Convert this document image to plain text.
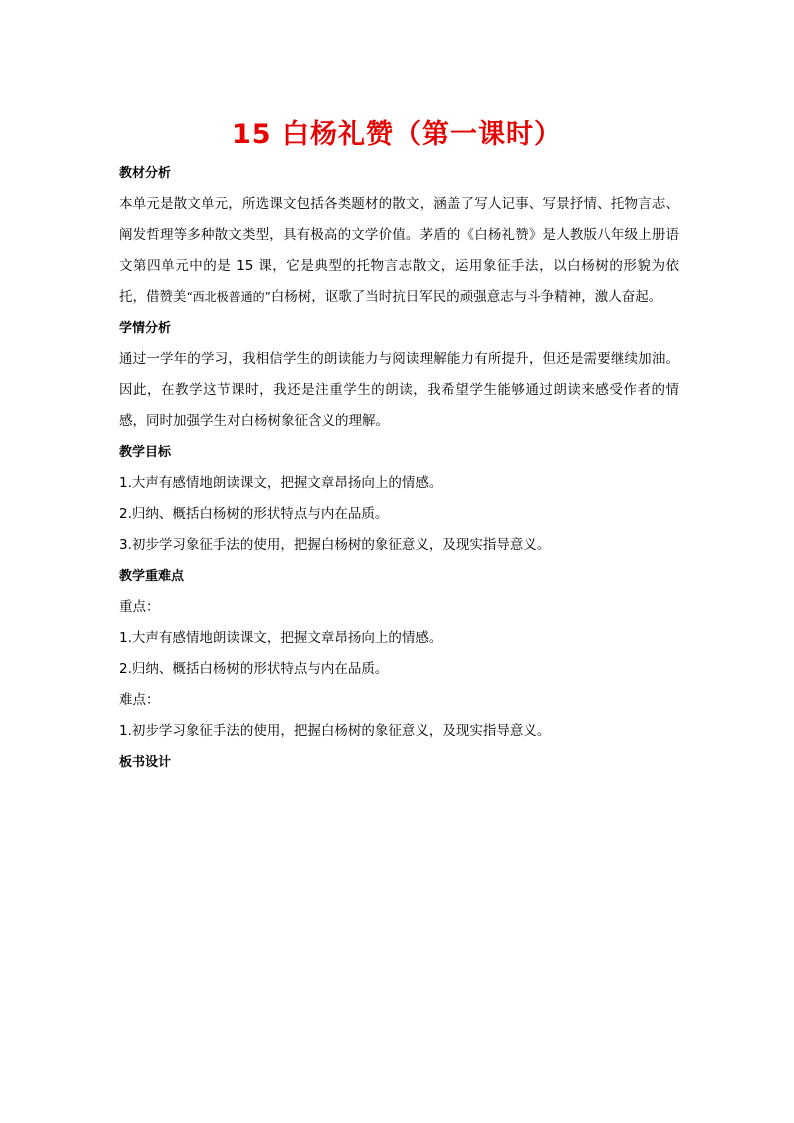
15 白杨礼赞（第一课时）
教材分析
本单元是散文单元，所选课文包括各类题材的散文，涵盖了写人记事、写景抒情、托物言志、阐发哲理等多种散文类型，具有极高的文学价值。茅盾的《白杨礼赞》是人教版八年级上册语文第四单元中的是 15 课，它是典型的托物言志散文，运用象征手法，以白杨树的形貌为依托，借赞美“西北极普通的”白杨树，讴歌了当时抗日军民的顽强意志与斗争精神，激人奋起。
学情分析
通过一学年的学习，我相信学生的朗读能力与阅读理解能力有所提升，但还是需要继续加油。因此，在教学这节课时，我还是注重学生的朗读，我希望学生能够通过朗读来感受作者的情感，同时加强学生对白杨树象征含义的理解。
教学目标
1.大声有感情地朗读课文，把握文章昂扬向上的情感。
2.归纳、概括白杨树的形状特点与内在品质。
3.初步学习象征手法的使用，把握白杨树的象征意义，及现实指导意义。
教学重难点
重点：
1.大声有感情地朗读课文，把握文章昂扬向上的情感。
2.归纳、概括白杨树的形状特点与内在品质。
难点：
1.初步学习象征手法的使用，把握白杨树的象征意义，及现实指导意义。
板书设计
